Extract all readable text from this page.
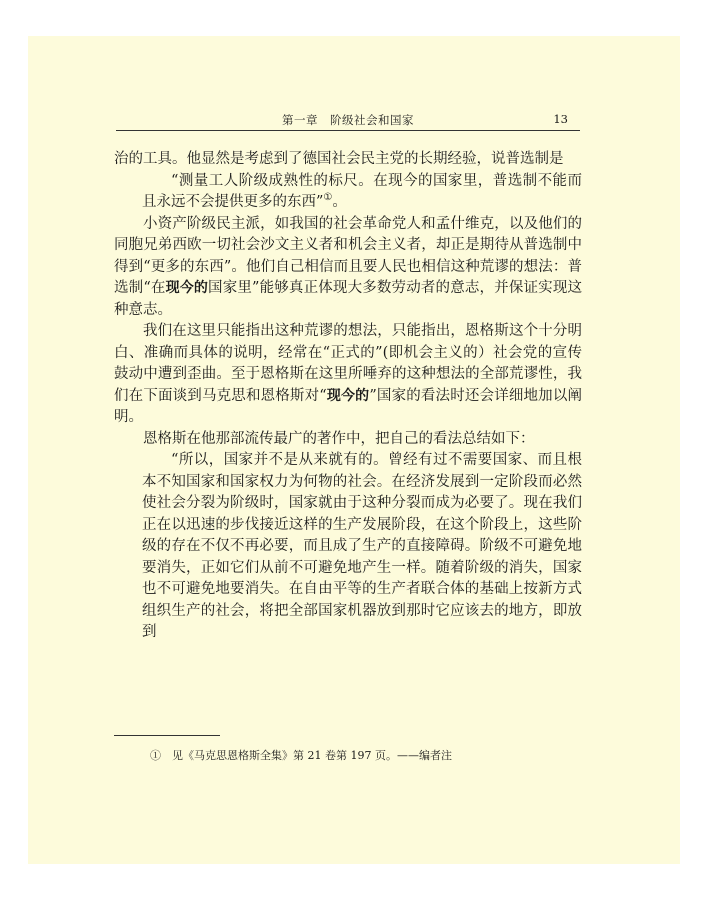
第一章　阶级社会和国家	13

治的工具。他显然是考虑到了德国社会民主党的长期经验，说普选制是

“测量工人阶级成熟性的标尺。在现今的国家里，普选制不能而且永远不会提供更多的东西”①。

小资产阶级民主派，如我国的社会革命党人和孟什维克，以及他们的同胞兄弟西欧一切社会沙文主义者和机会主义者，却正是期待从普选制中得到“更多的东西”。他们自己相信而且要人民也相信这种荒谬的想法：普选制“在现今的国家里”能够真正体现大多数劳动者的意志，并保证实现这种意志。

我们在这里只能指出这种荒谬的想法，只能指出，恩格斯这个十分明白、准确而具体的说明，经常在“正式的”(即机会主义的）社会党的宣传鼓动中遭到歪曲。至于恩格斯在这里所唾弃的这种想法的全部荒谬性，我们在下面谈到马克思和恩格斯对“现今的”国家的看法时还会详细地加以阐明。

恩格斯在他那部流传最广的著作中，把自己的看法总结如下：

“所以，国家并不是从来就有的。曾经有过不需要国家、而且根本不知国家和国家权力为何物的社会。在经济发展到一定阶段而必然使社会分裂为阶级时，国家就由于这种分裂而成为必要了。现在我们正在以迅速的步伐接近这样的生产发展阶段，在这个阶段上，这些阶级的存在不仅不再必要，而且成了生产的直接障碍。阶级不可避免地要消失，正如它们从前不可避免地产生一样。随着阶级的消失，国家也不可避免地要消失。在自由平等的生产者联合体的基础上按新方式组织生产的社会，将把全部国家机器放到那时它应该去的地方，即放到

①　见《马克思恩格斯全集》第 21 卷第 197 页。——编者注
